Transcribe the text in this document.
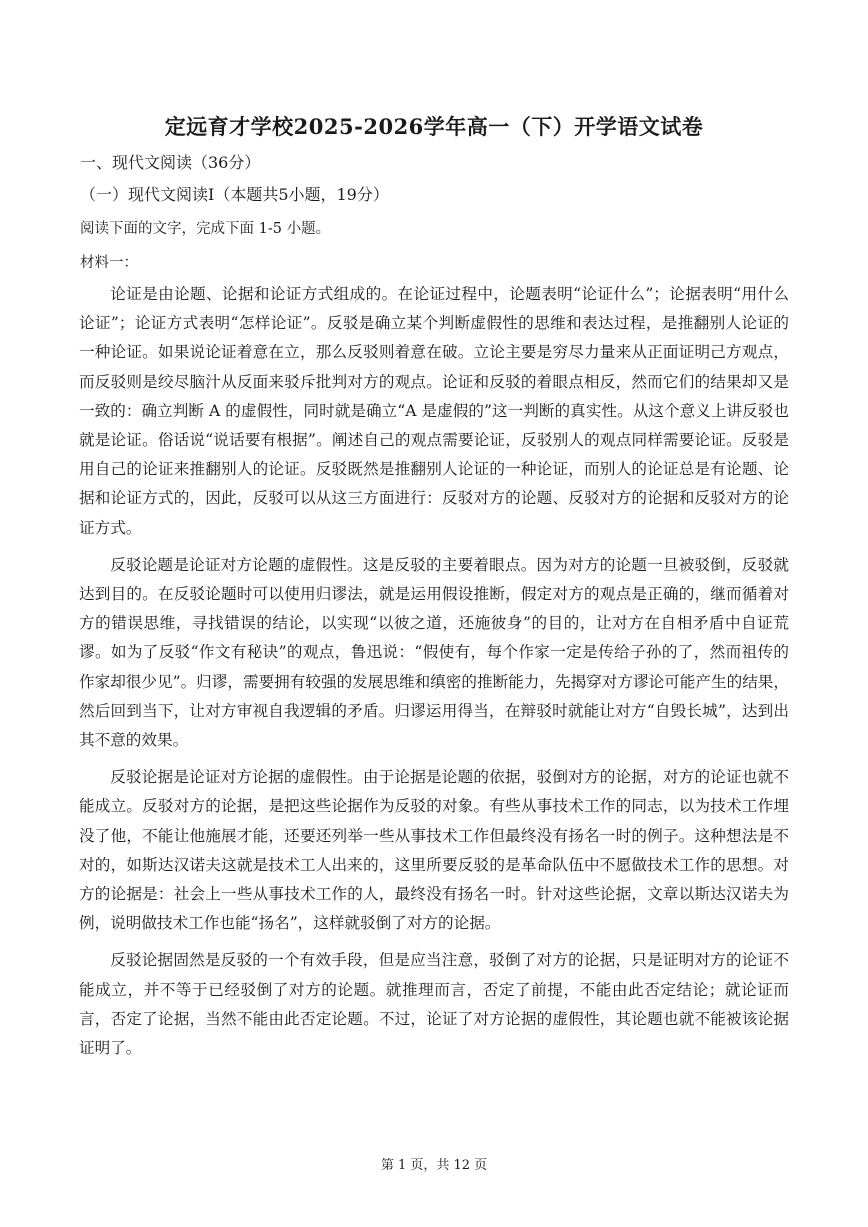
定远育才学校2025-2026学年高一（下）开学语文试卷
一、现代文阅读（36分）
（一）现代文阅读Ⅰ（本题共5小题，19分）
阅读下面的文字，完成下面 1-5 小题。
材料一：

论证是由论题、论据和论证方式组成的。在论证过程中，论题表明“论证什么”；论据表明“用什么论证”；论证方式表明“怎样论证”。反驳是确立某个判断虚假性的思维和表达过程，是推翻别人论证的一种论证。如果说论证着意在立，那么反驳则着意在破。立论主要是穷尽力量来从正面证明己方观点，而反驳则是绞尽脑汁从反面来驳斥批判对方的观点。论证和反驳的着眼点相反，然而它们的结果却又是一致的：确立判断 A 的虚假性，同时就是确立“A 是虚假的”这一判断的真实性。从这个意义上讲反驳也就是论证。俗话说“说话要有根据”。阐述自己的观点需要论证，反驳别人的观点同样需要论证。反驳是用自己的论证来推翻别人的论证。反驳既然是推翻别人论证的一种论证，而别人的论证总是有论题、论据和论证方式的，因此，反驳可以从这三方面进行：反驳对方的论题、反驳对方的论据和反驳对方的论证方式。

反驳论题是论证对方论题的虚假性。这是反驳的主要着眼点。因为对方的论题一旦被驳倒，反驳就达到目的。在反驳论题时可以使用归谬法，就是运用假设推断，假定对方的观点是正确的，继而循着对方的错误思维，寻找错误的结论，以实现“以彼之道，还施彼身”的目的，让对方在自相矛盾中自证荒谬。如为了反驳“作文有秘诀”的观点，鲁迅说：“假使有，每个作家一定是传给子孙的了，然而祖传的作家却很少见”。归谬，需要拥有较强的发展思维和缜密的推断能力，先揭穿对方谬论可能产生的结果，然后回到当下，让对方审视自我逻辑的矛盾。归谬运用得当，在辩驳时就能让对方“自毁长城”，达到出其不意的效果。

反驳论据是论证对方论据的虚假性。由于论据是论题的依据，驳倒对方的论据，对方的论证也就不能成立。反驳对方的论据，是把这些论据作为反驳的对象。有些从事技术工作的同志，以为技术工作埋没了他，不能让他施展才能，还要还列举一些从事技术工作但最终没有扬名一时的例子。这种想法是不对的，如斯达汉诺夫这就是技术工人出来的，这里所要反驳的是革命队伍中不愿做技术工作的思想。对方的论据是：社会上一些从事技术工作的人，最终没有扬名一时。针对这些论据，文章以斯达汉诺夫为例，说明做技术工作也能“扬名”，这样就驳倒了对方的论据。

反驳论据固然是反驳的一个有效手段，但是应当注意，驳倒了对方的论据，只是证明对方的论证不能成立，并不等于已经驳倒了对方的论题。就推理而言，否定了前提，不能由此否定结论；就论证而言，否定了论据，当然不能由此否定论题。不过，论证了对方论据的虚假性，其论题也就不能被该论据证明了。

第 1 页，共 12 页
